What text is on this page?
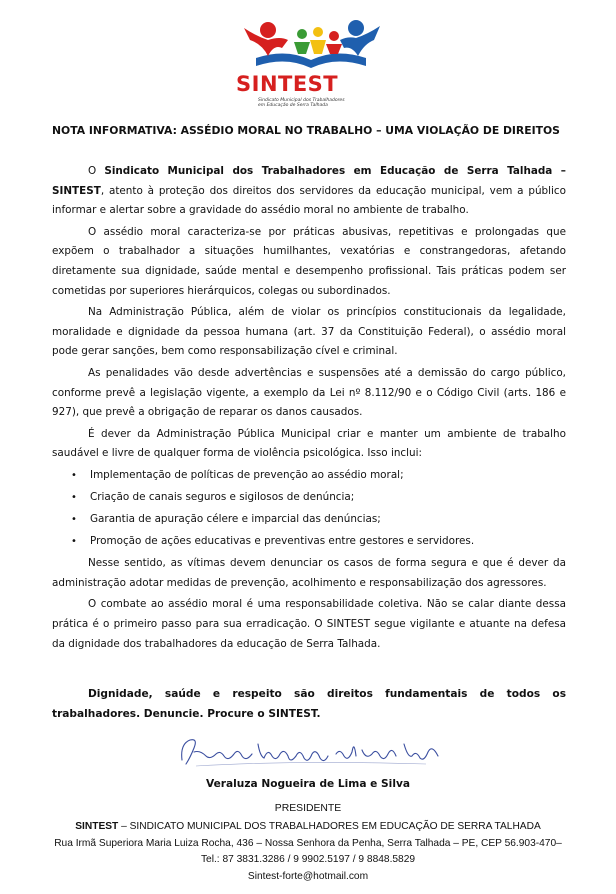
SINTEST
Sindicato Municipal dos Trabalhadores
em Educação de Serra Talhada
NOTA INFORMATIVA: ASSÉDIO MORAL NO TRABALHO – UMA VIOLAÇÃO DE DIREITOS

O Sindicato Municipal dos Trabalhadores em Educação de Serra Talhada – SINTEST, atento à proteção dos direitos dos servidores da educação municipal, vem a público informar e alertar sobre a gravidade do assédio moral no ambiente de trabalho.

O assédio moral caracteriza-se por práticas abusivas, repetitivas e prolongadas que expõem o trabalhador a situações humilhantes, vexatórias e constrangedoras, afetando diretamente sua dignidade, saúde mental e desempenho profissional. Tais práticas podem ser cometidas por superiores hierárquicos, colegas ou subordinados.

Na Administração Pública, além de violar os princípios constitucionais da legalidade, moralidade e dignidade da pessoa humana (art. 37 da Constituição Federal), o assédio moral pode gerar sanções, bem como responsabilização cível e criminal.

As penalidades vão desde advertências e suspensões até a demissão do cargo público, conforme prevê a legislação vigente, a exemplo da Lei nº 8.112/90 e o Código Civil (arts. 186 e 927), que prevê a obrigação de reparar os danos causados.

É dever da Administração Pública Municipal criar e manter um ambiente de trabalho saudável e livre de qualquer forma de violência psicológica. Isso inclui:

• Implementação de políticas de prevenção ao assédio moral;
• Criação de canais seguros e sigilosos de denúncia;
• Garantia de apuração célere e imparcial das denúncias;
• Promoção de ações educativas e preventivas entre gestores e servidores.

Nesse sentido, as vítimas devem denunciar os casos de forma segura e que é dever da administração adotar medidas de prevenção, acolhimento e responsabilização dos agressores.

O combate ao assédio moral é uma responsabilidade coletiva. Não se calar diante dessa prática é o primeiro passo para sua erradicação. O SINTEST segue vigilante e atuante na defesa da dignidade dos trabalhadores da educação de Serra Talhada.

Dignidade, saúde e respeito são direitos fundamentais de todos os trabalhadores. Denuncie. Procure o SINTEST.
Veraluza Nogueira de Lima e Silva
PRESIDENTE
SINTEST – SINDICATO MUNICIPAL DOS TRABALHADORES EM EDUCAÇÃO DE SERRA TALHADA
Rua Irmã Superiora Maria Luiza Rocha, 436 – Nossa Senhora da Penha, Serra Talhada – PE, CEP 56.903-470–
Tel.: 87 3831.3286 / 9 9902.5197 / 9 8848.5829
Sintest-forte@hotmail.com
